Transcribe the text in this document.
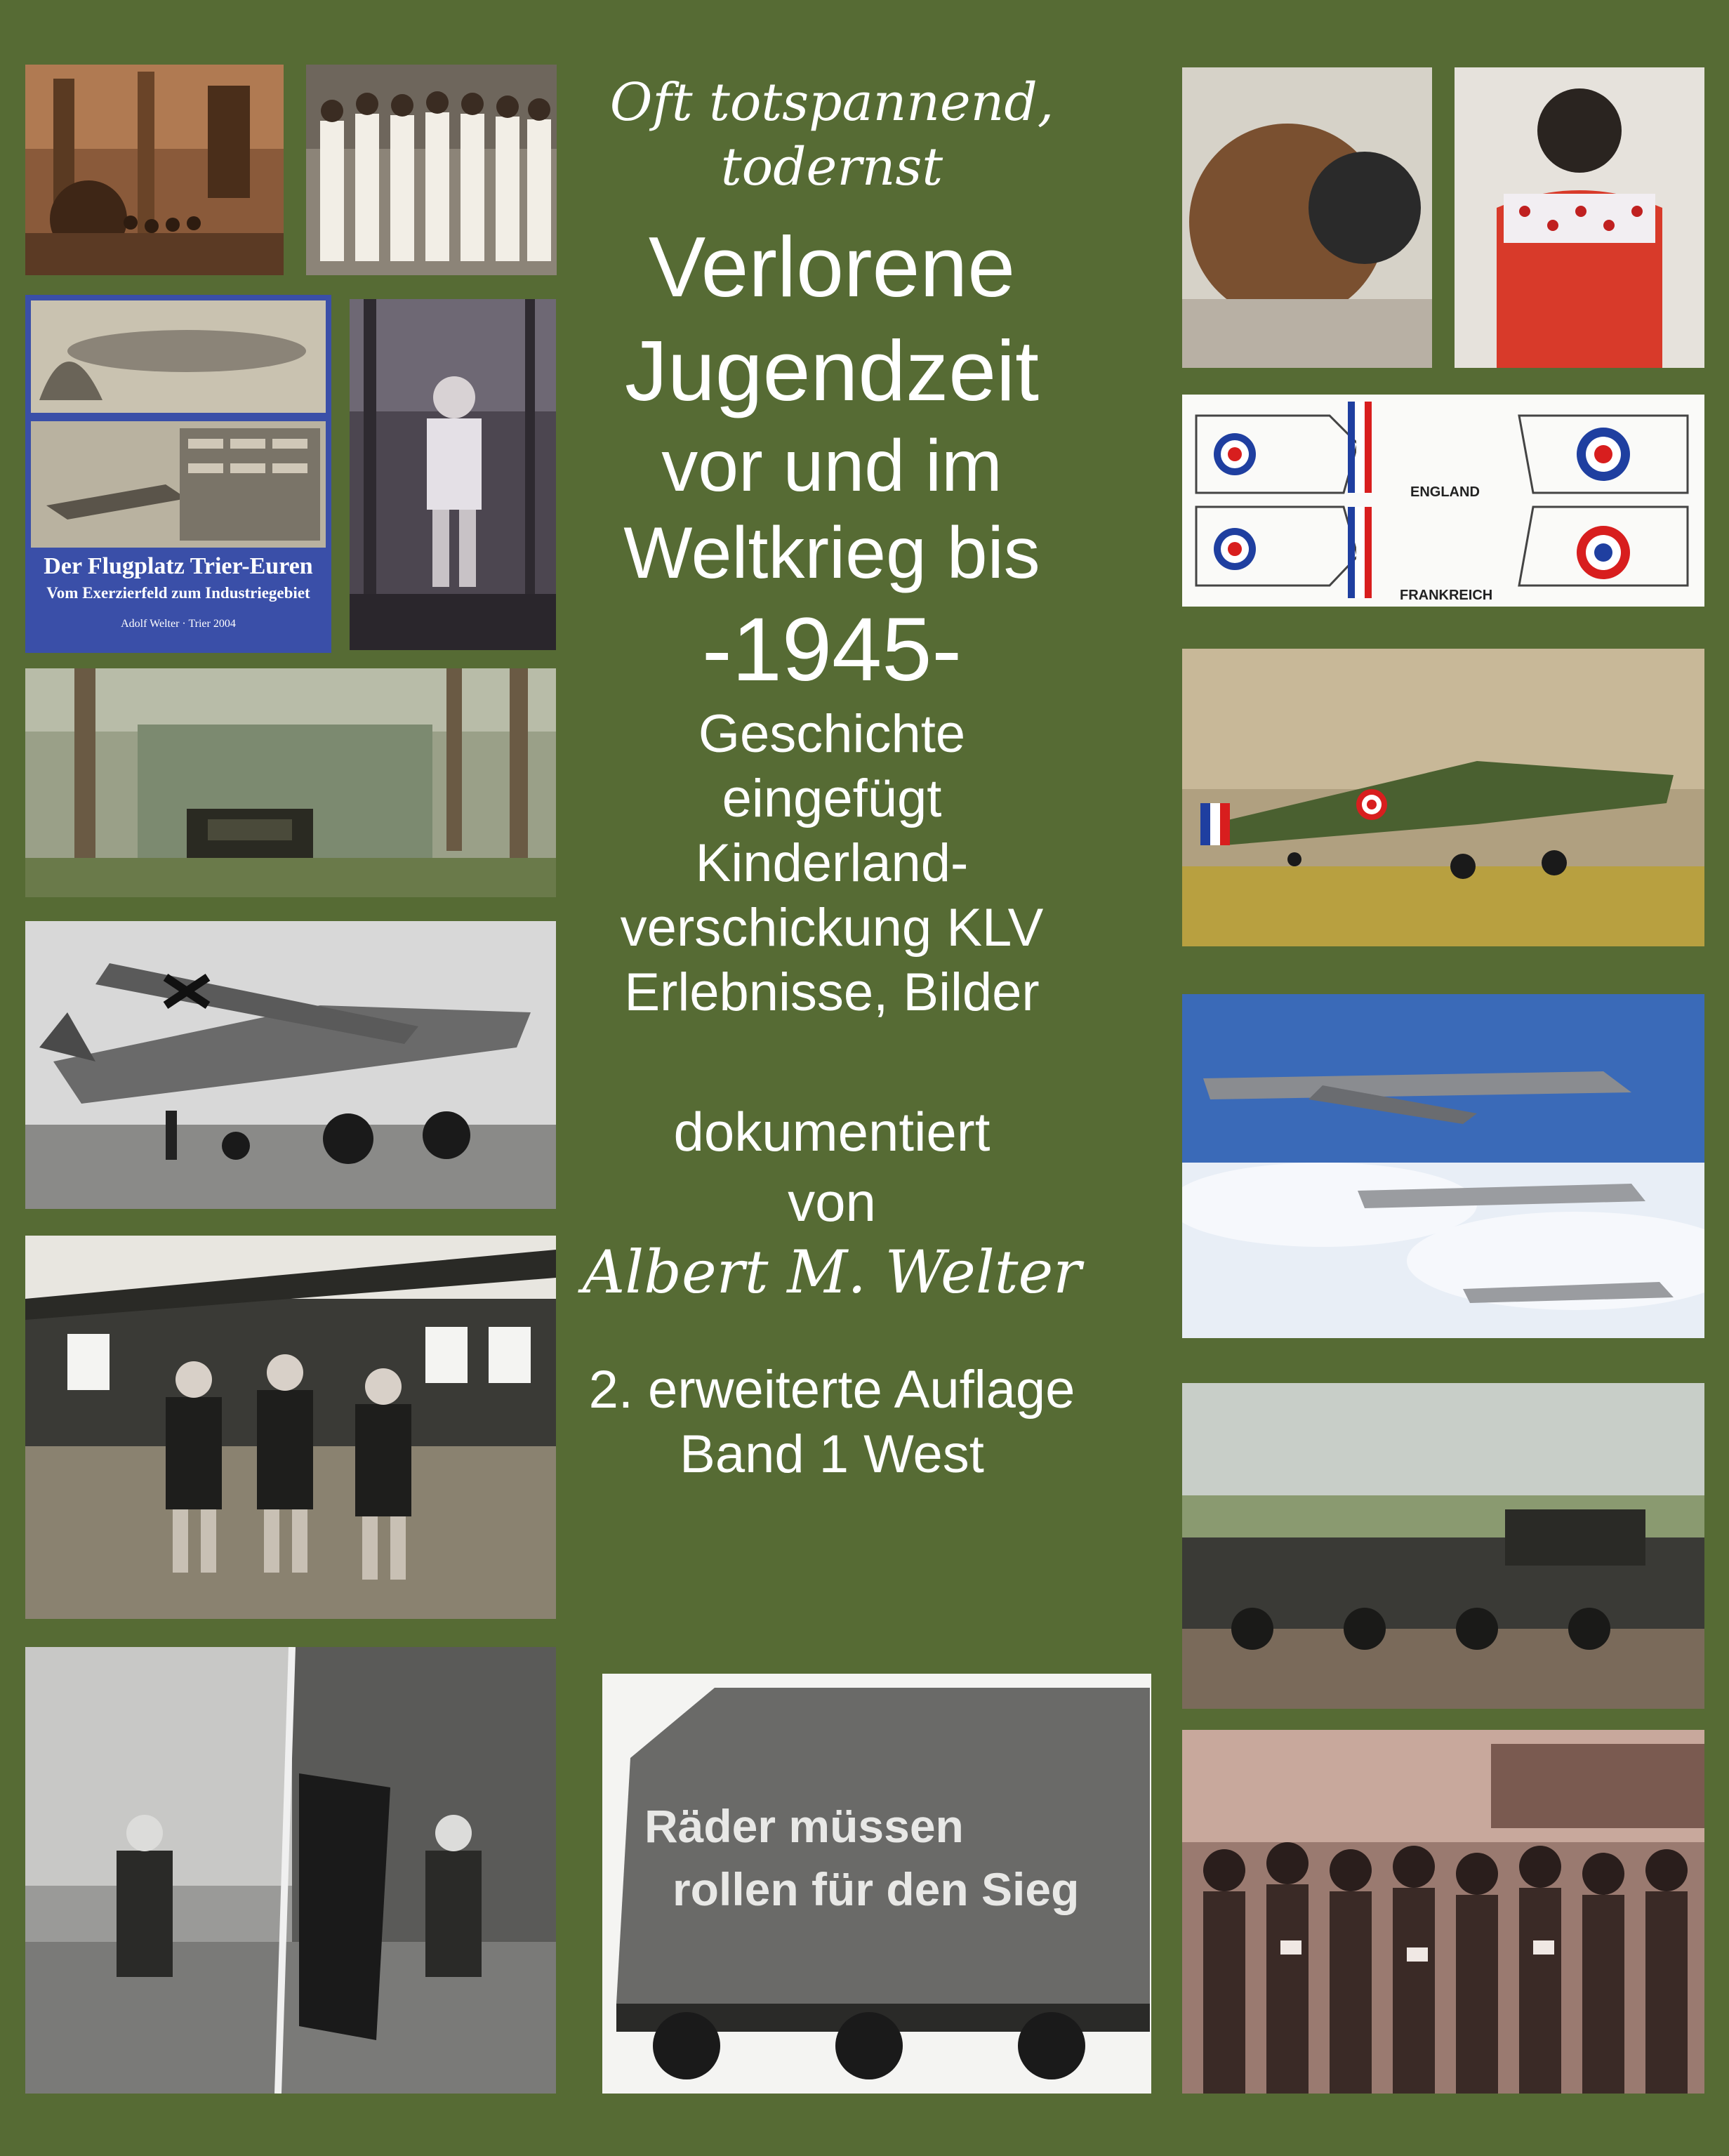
Der Flugplatz Trier-Euren
Vom Exerzierfeld zum Industriegebiet
Adolf Welter · Trier 2004
Räder müssen
rollen für den Sieg
ENGLAND
FRANKREICH

Oft totspannend,

todernst

Verlorene

Jugendzeit

vor und im

Weltkrieg bis

-1945-

Geschichte

eingefügt

Kinderland-

verschickung KLV

Erlebnisse, Bilder

dokumentiert

von

Albert M. Welter

2. erweiterte Auflage

Band 1 West
